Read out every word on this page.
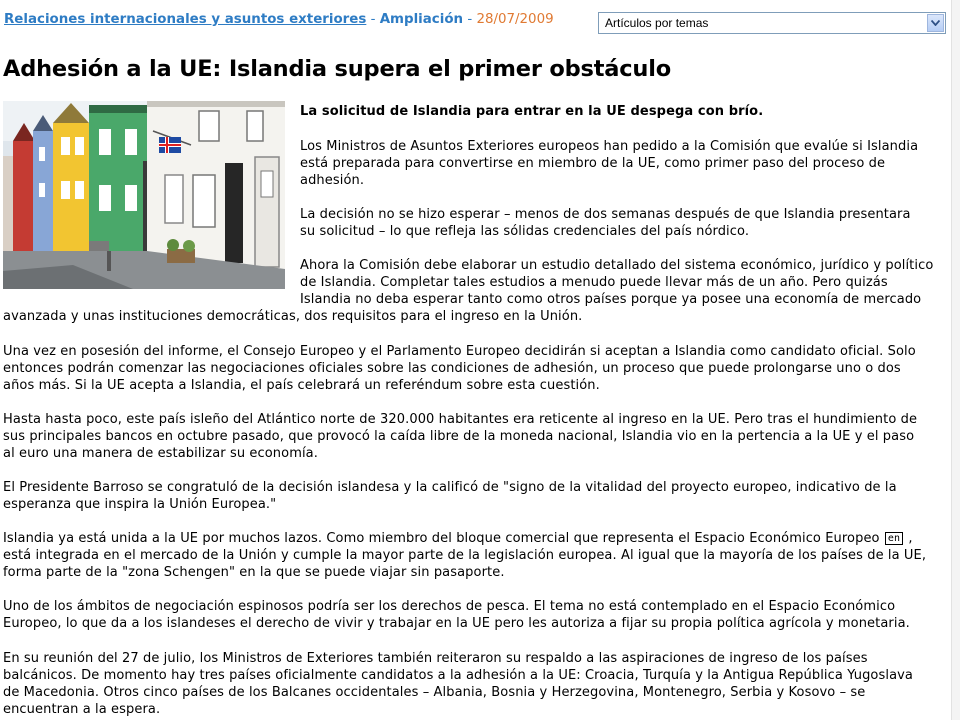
Relaciones internacionales y asuntos exteriores - Ampliación - 28/07/2009	Artículos por temas
Adhesión a la UE: Islandia supera el primer obstáculo
La solicitud de Islandia para entrar en la UE despega con brío.
Los Ministros de Asuntos Exteriores europeos han pedido a la Comisión que evalúe si Islandia
está preparada para convertirse en miembro de la UE, como primer paso del proceso de
adhesión.
La decisión no se hizo esperar – menos de dos semanas después de que Islandia presentara
su solicitud – lo que refleja las sólidas credenciales del país nórdico.
Ahora la Comisión debe elaborar un estudio detallado del sistema económico, jurídico y político
de Islandia. Completar tales estudios a menudo puede llevar más de un año. Pero quizás
Islandia no deba esperar tanto como otros países porque ya posee una economía de mercado
avanzada y unas instituciones democráticas, dos requisitos para el ingreso en la Unión.
Una vez en posesión del informe, el Consejo Europeo y el Parlamento Europeo decidirán si aceptan a Islandia como candidato oficial. Solo
entonces podrán comenzar las negociaciones oficiales sobre las condiciones de adhesión, un proceso que puede prolongarse uno o dos
años más. Si la UE acepta a Islandia, el país celebrará un referéndum sobre esta cuestión.
Hasta hasta poco, este país isleño del Atlántico norte de 320.000 habitantes era reticente al ingreso en la UE. Pero tras el hundimiento de
sus principales bancos en octubre pasado, que provocó la caída libre de la moneda nacional, Islandia vio en la pertencia a la UE y el paso
al euro una manera de estabilizar su economía.
El Presidente Barroso se congratuló de la decisión islandesa y la calificó de "signo de la vitalidad del proyecto europeo, indicativo de la
esperanza que inspira la Unión Europea."
Islandia ya está unida a la UE por muchos lazos. Como miembro del bloque comercial que representa el Espacio Económico Europeo en ,
está integrada en el mercado de la Unión y cumple la mayor parte de la legislación europea. Al igual que la mayoría de los países de la UE,
forma parte de la "zona Schengen" en la que se puede viajar sin pasaporte.
Uno de los ámbitos de negociación espinosos podría ser los derechos de pesca. El tema no está contemplado en el Espacio Económico
Europeo, lo que da a los islandeses el derecho de vivir y trabajar en la UE pero les autoriza a fijar su propia política agrícola y monetaria.
En su reunión del 27 de julio, los Ministros de Exteriores también reiteraron su respaldo a las aspiraciones de ingreso de los países
balcánicos. De momento hay tres países oficialmente candidatos a la adhesión a la UE: Croacia, Turquía y la Antigua República Yugoslava
de Macedonia. Otros cinco países de los Balcanes occidentales – Albania, Bosnia y Herzegovina, Montenegro, Serbia y Kosovo – se
encuentran a la espera.
